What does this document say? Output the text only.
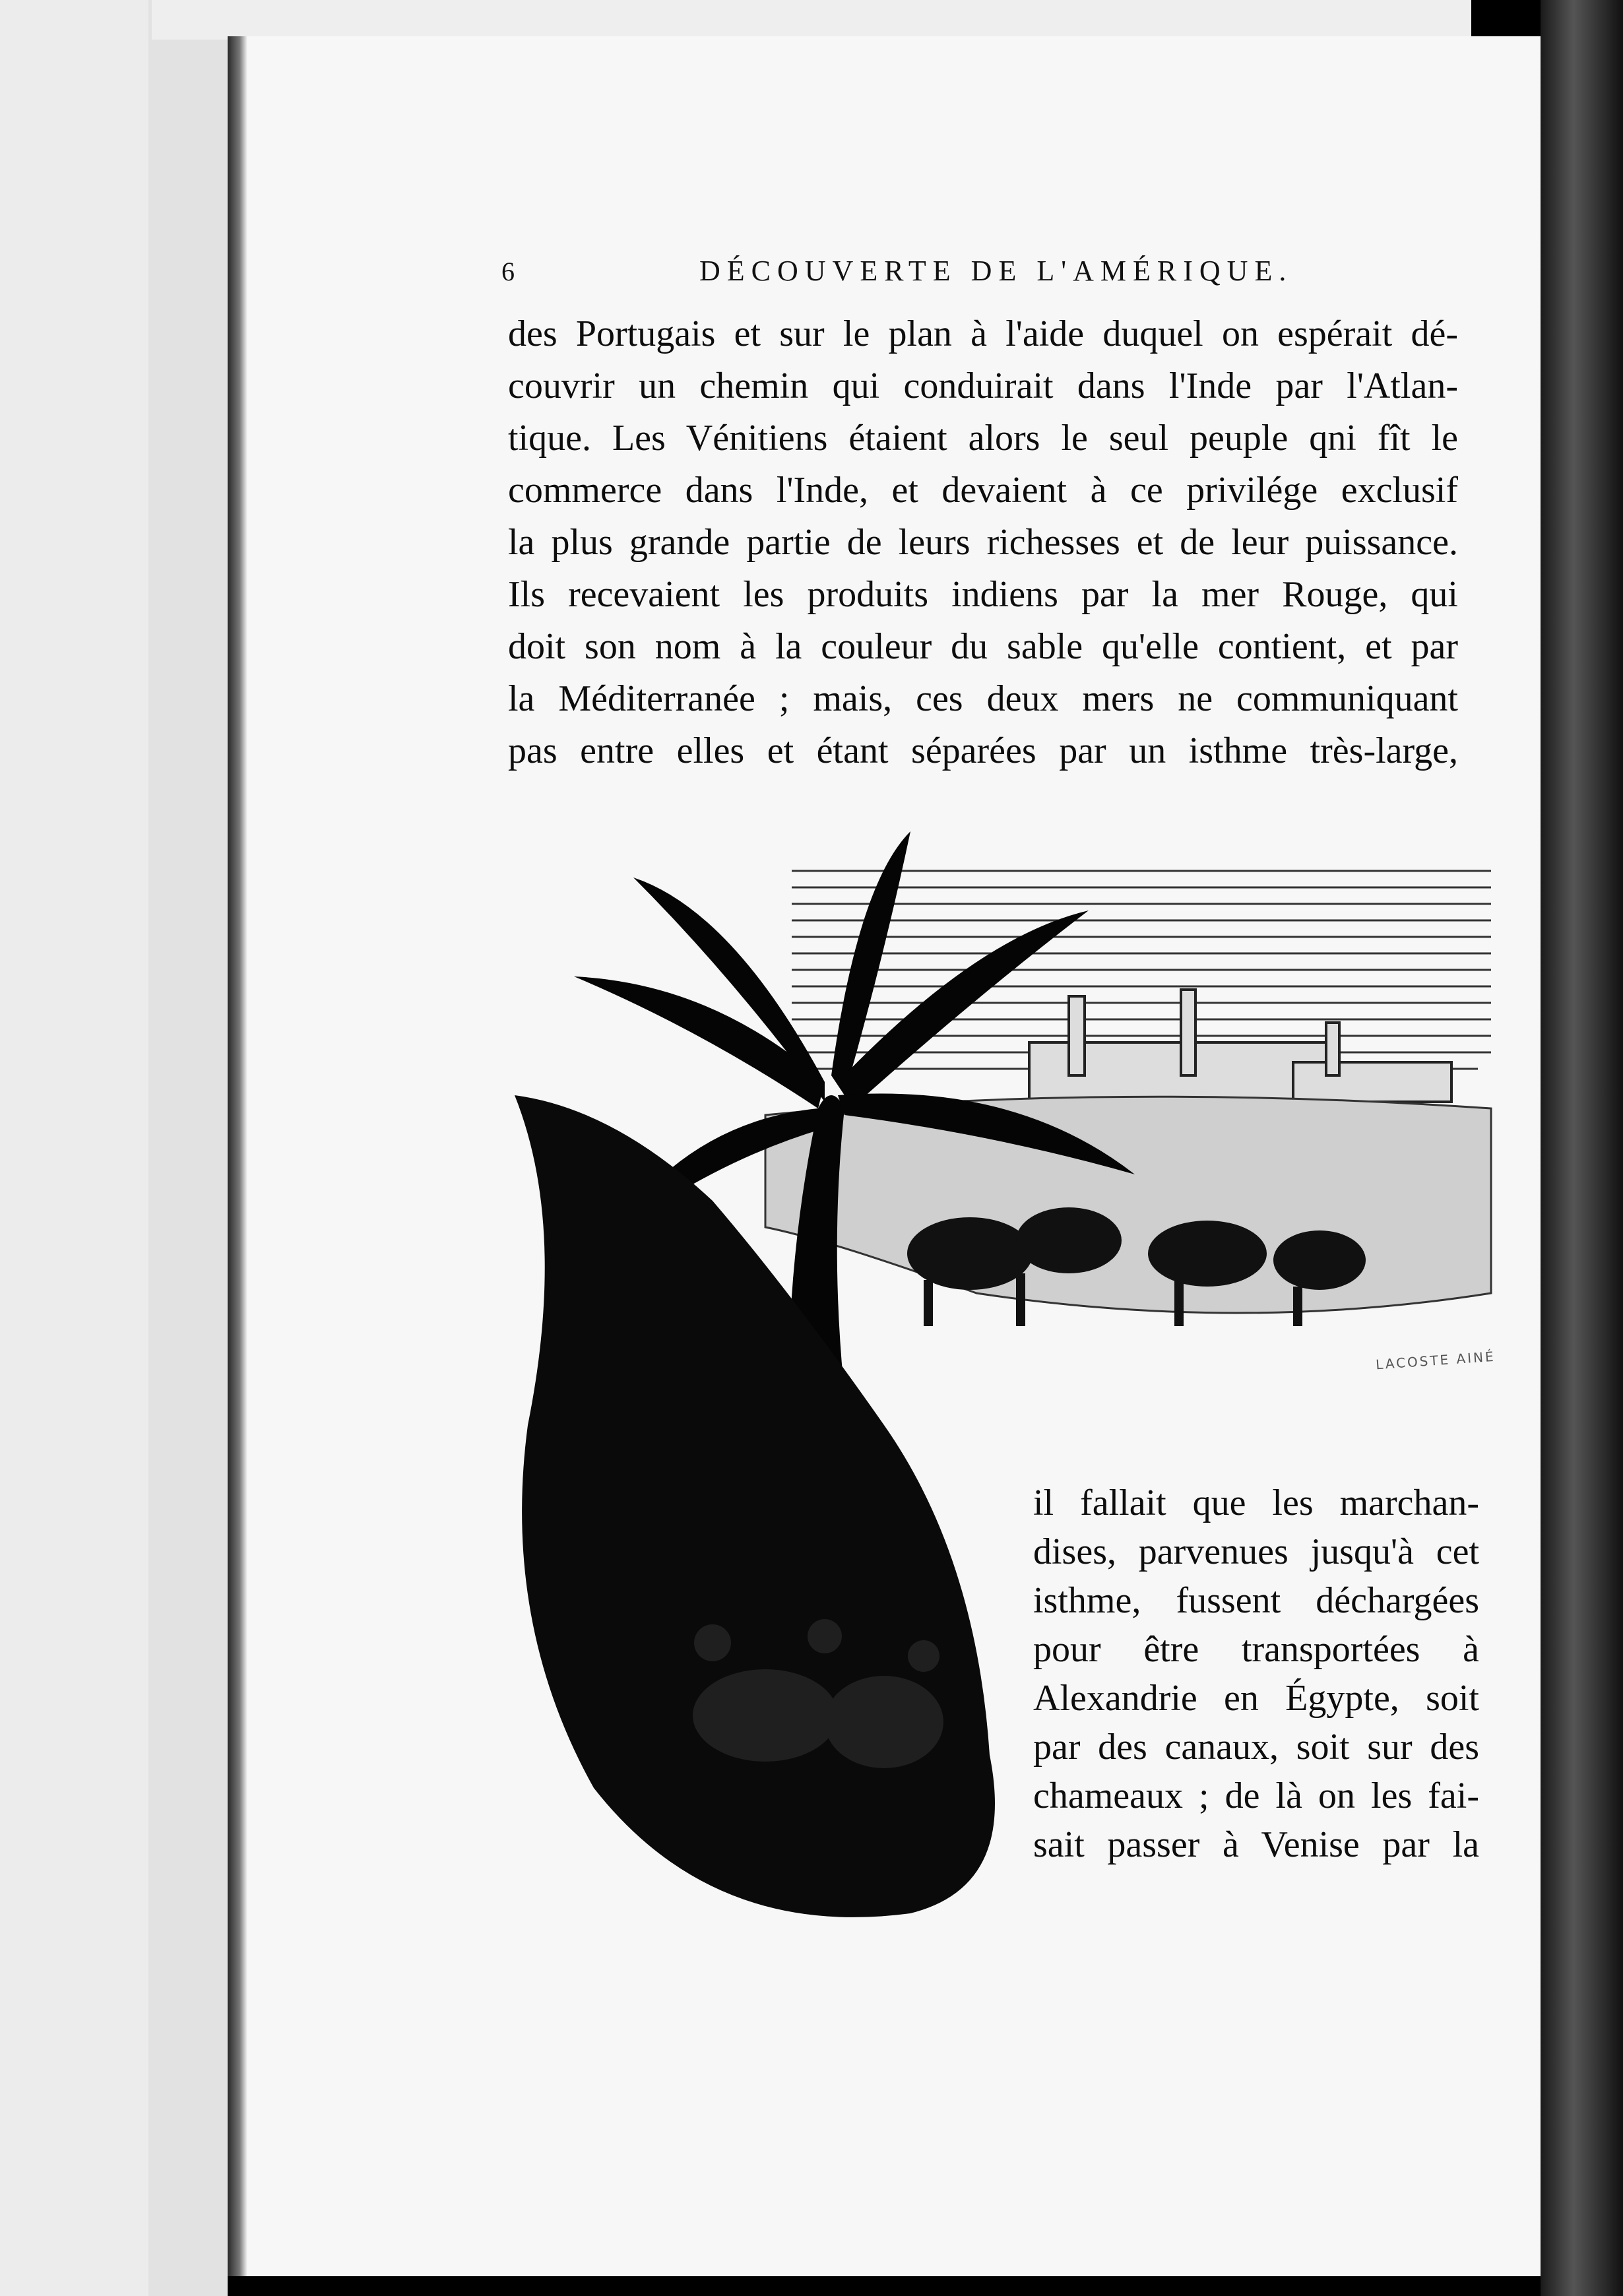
6	DÉCOUVERTE DE L'AMÉRIQUE.
des Portugais et sur le plan à l'aide duquel on espérait dé-
couvrir un chemin qui conduirait dans l'Inde par l'Atlan-
tique. Les Vénitiens étaient alors le seul peuple qni fît le
commerce dans l'Inde, et devaient à ce privilége exclusif
la plus grande partie de leurs richesses et de leur puissance.
Ils recevaient les produits indiens par la mer Rouge, qui
doit son nom à la couleur du sable qu'elle contient, et par
la Méditerranée ; mais, ces deux mers ne communiquant
pas entre elles et étant séparées par un isthme très-large,
LACOSTE AINÉ
il fallait que les marchan-
dises, parvenues jusqu'à cet
isthme, fussent déchargées
pour être transportées à
Alexandrie en Égypte, soit
par des canaux, soit sur des
chameaux ; de là on les fai-
sait passer à Venise par la
